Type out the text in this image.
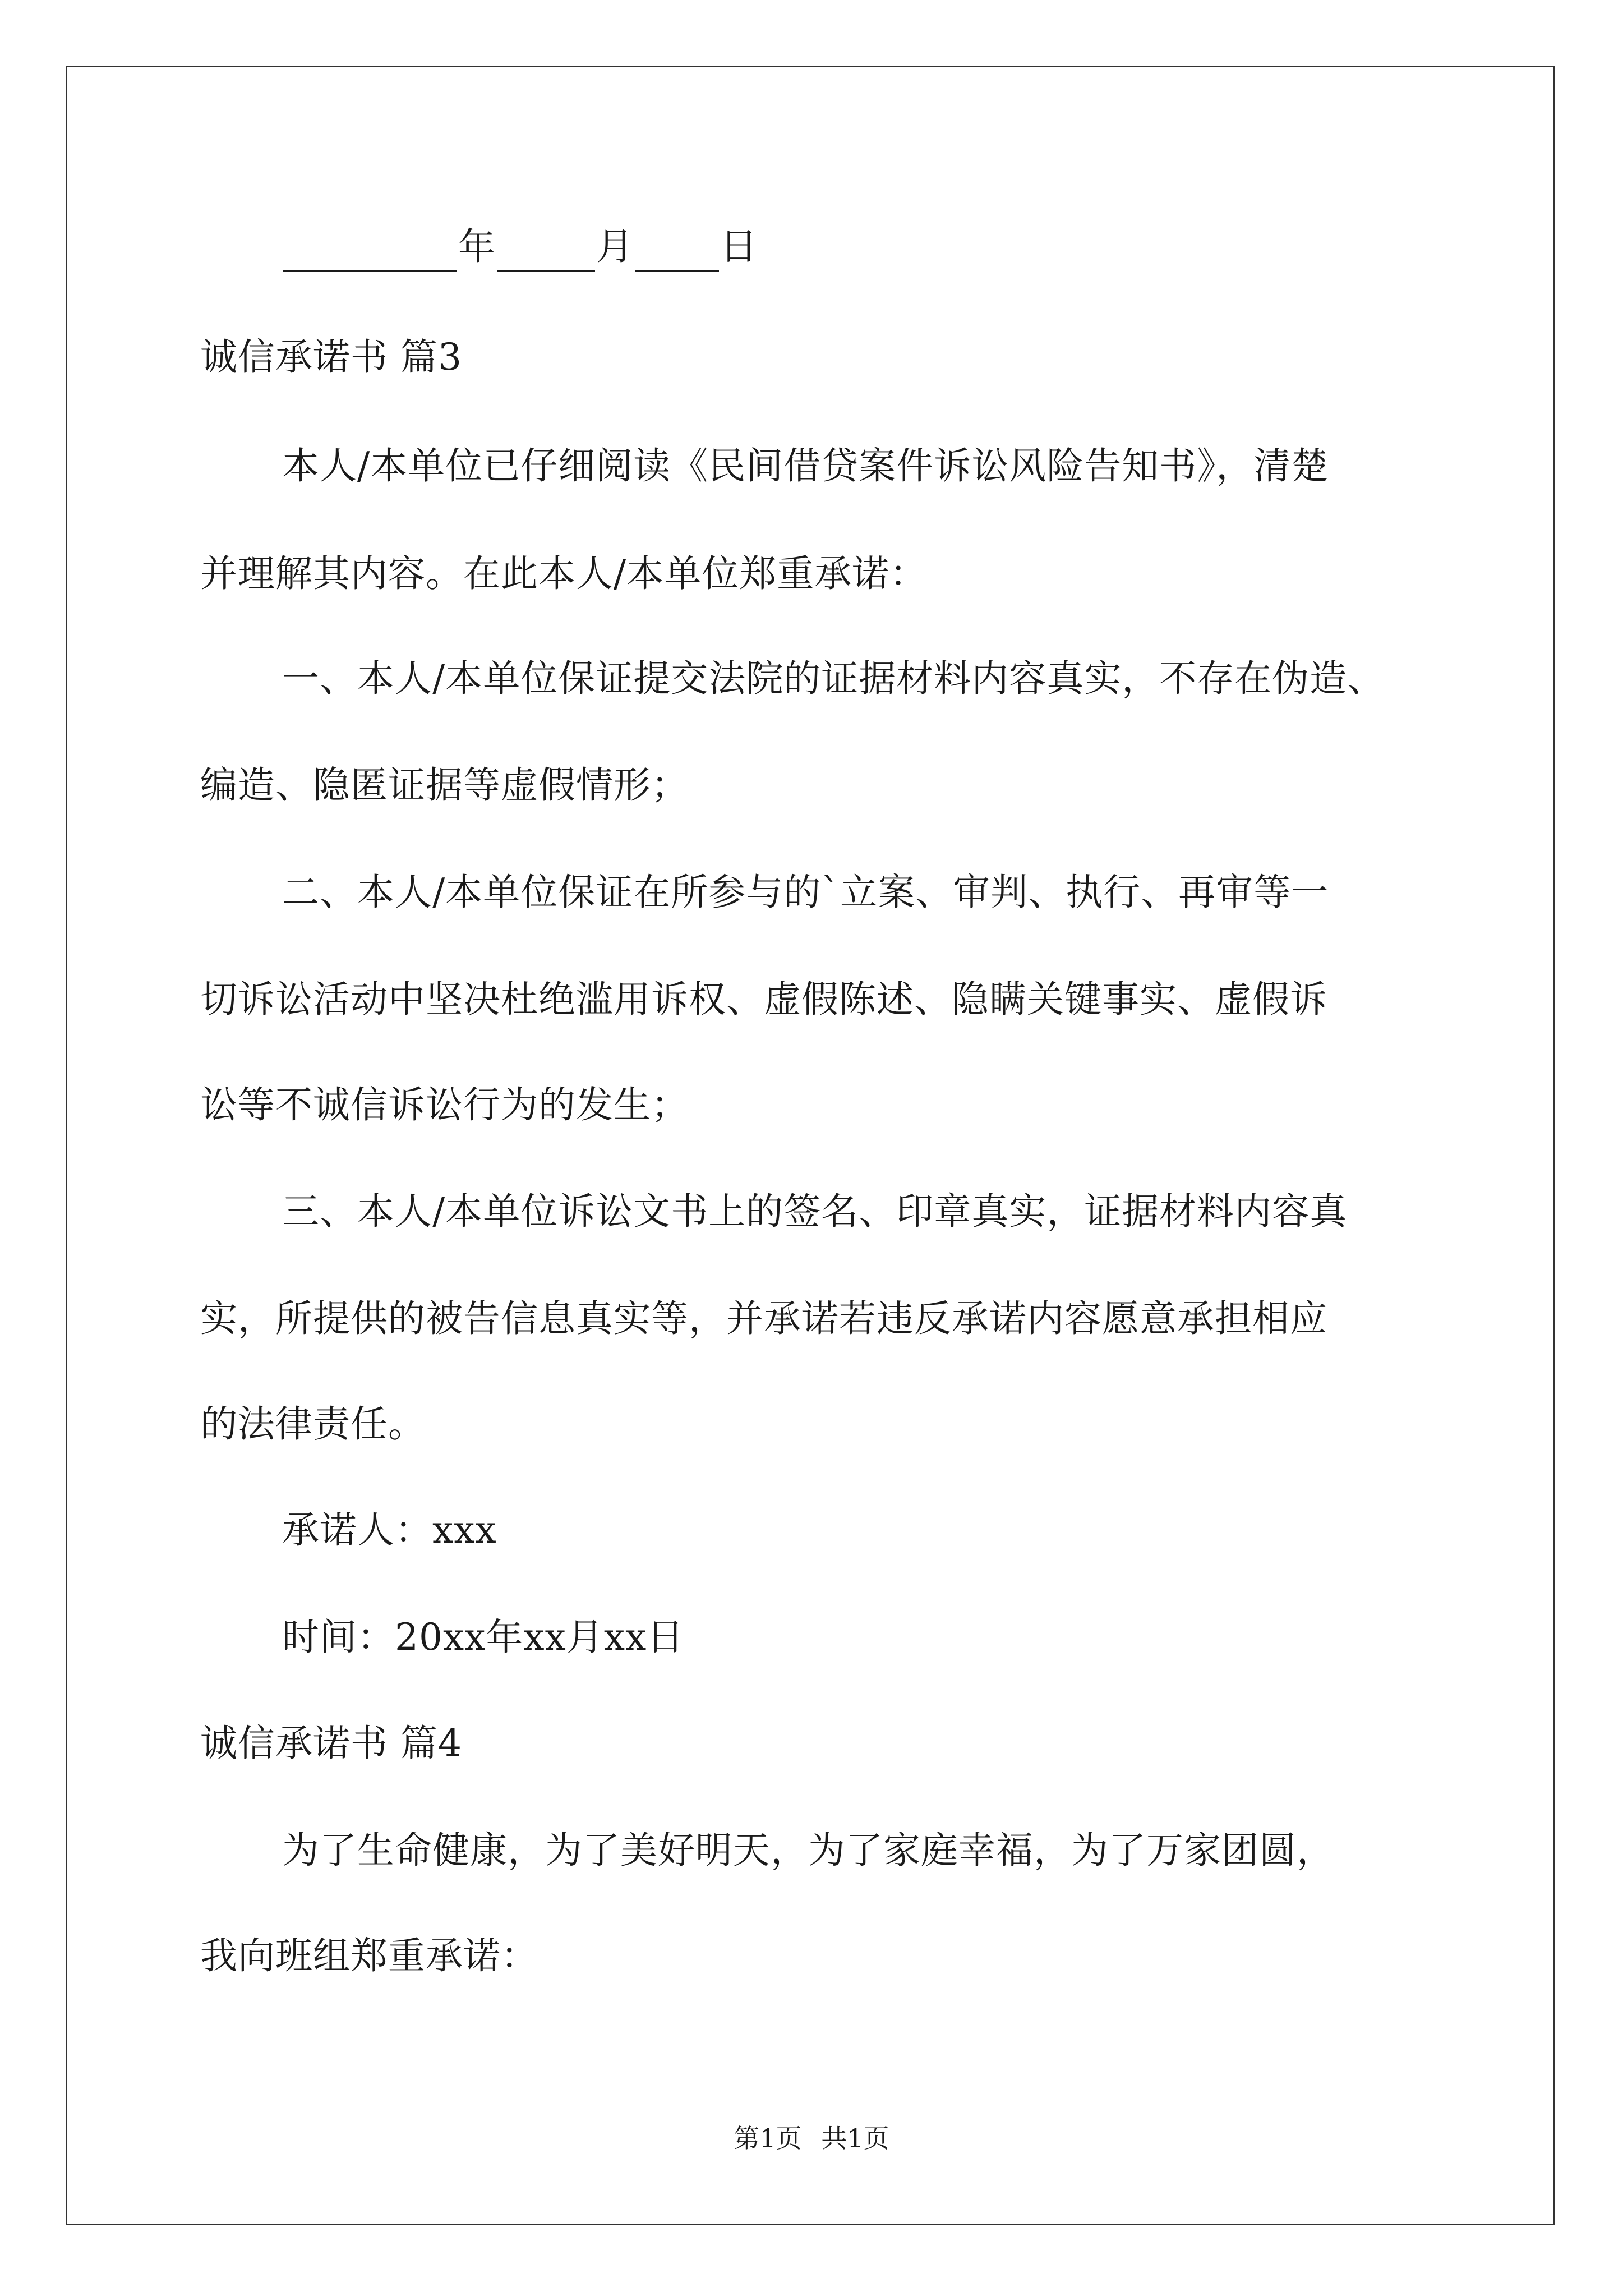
年	月 日
诚信承诺书 篇3
本人/本单位已仔细阅读《民间借贷案件诉讼风险告知书》，清楚
并理解其内容。在此本人/本单位郑重承诺：
一、本人/本单位保证提交法院的证据材料内容真实，不存在伪造、
编造、隐匿证据等虚假情形；
二、本人/本单位保证在所参与的`立案、审判、执行、再审等一
切诉讼活动中坚决杜绝滥用诉权、虚假陈述、隐瞒关键事实、虚假诉
讼等不诚信诉讼行为的发生；
三、本人/本单位诉讼文书上的签名、印章真实，证据材料内容真
实，所提供的被告信息真实等，并承诺若违反承诺内容愿意承担相应
的法律责任。
承诺人：xxx
时间：20xx年xx月xx日
诚信承诺书 篇4
为了生命健康，为了美好明天，为了家庭幸福，为了万家团圆，
我向班组郑重承诺：
第1页 共1页
